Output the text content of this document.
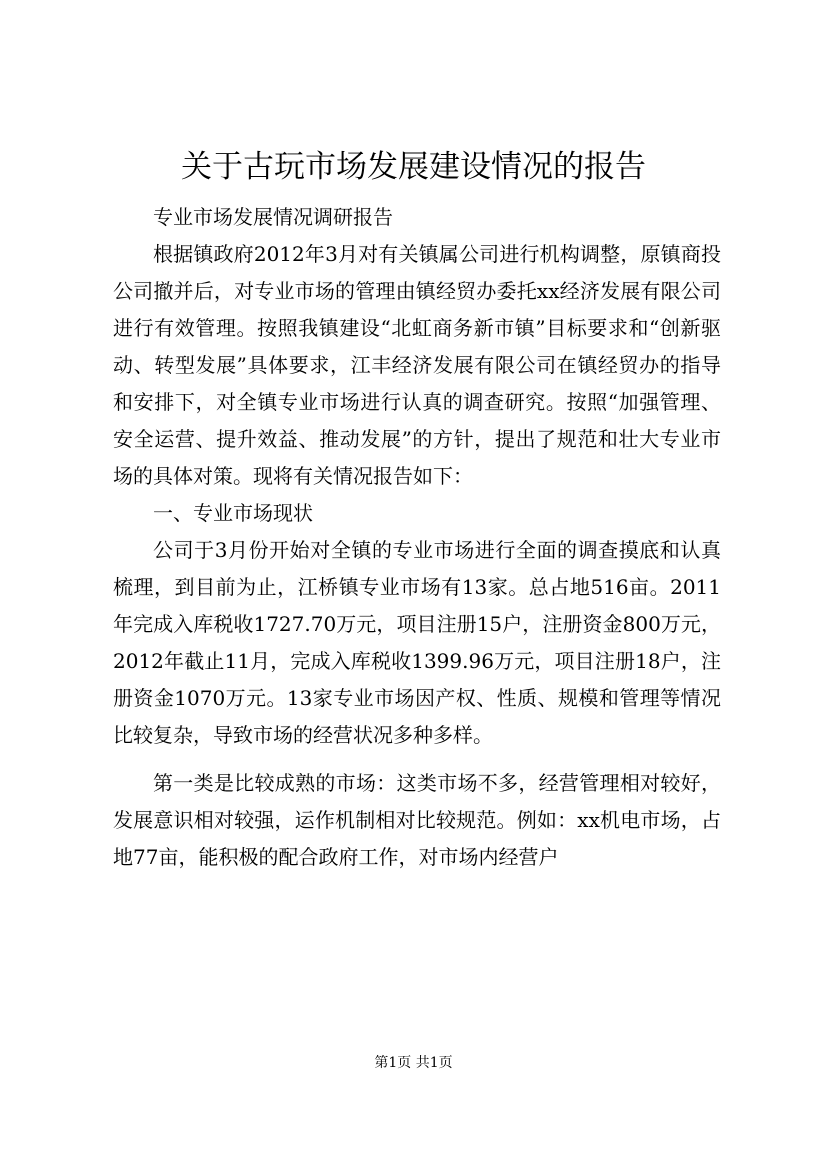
关于古玩市场发展建设情况的报告

专业市场发展情况调研报告

根据镇政府2012年3月对有关镇属公司进行机构调整，原镇商投公司撤并后，对专业市场的管理由镇经贸办委托xx经济发展有限公司进行有效管理。按照我镇建设“北虹商务新市镇”目标要求和“创新驱动、转型发展”具体要求，江丰经济发展有限公司在镇经贸办的指导和安排下，对全镇专业市场进行认真的调查研究。按照“加强管理、安全运营、提升效益、推动发展”的方针，提出了规范和壮大专业市场的具体对策。现将有关情况报告如下：

一、专业市场现状

公司于3月份开始对全镇的专业市场进行全面的调查摸底和认真梳理，到目前为止，江桥镇专业市场有13家。总占地516亩。2011年完成入库税收1727.70万元，项目注册15户，注册资金800万元，2012年截止11月，完成入库税收1399.96万元，项目注册18户，注册资金1070万元。13家专业市场因产权、性质、规模和管理等情况比较复杂，导致市场的经营状况多种多样。

第一类是比较成熟的市场：这类市场不多，经营管理相对较好，发展意识相对较强，运作机制相对比较规范。例如：xx机电市场，占地77亩，能积极的配合政府工作，对市场内经营户

第1页 共1页
